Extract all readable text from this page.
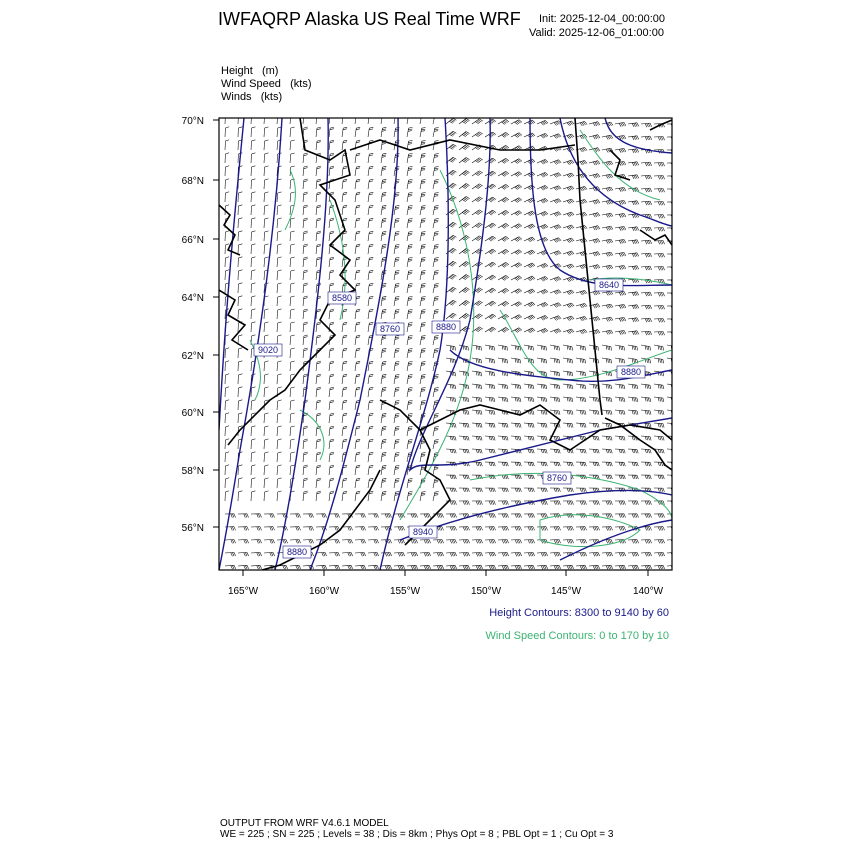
IWFAQRP Alaska US Real Time WRF Init: 2025-12-04_00:00:00
Valid: 2025-12-06_01:00:00
Height   (m)
Wind Speed   (kts)
Winds   (kts)
8580
8760	8880
9020
8640
8880
8760
8940
8880
70°N
68°N
66°N
64°N
62°N
60°N
58°N
56°N
165°W	160°W	155°W	150°W	145°W	140°W
Height Contours: 8300 to 9140 by 60
Wind Speed Contours: 0 to 170 by 10
OUTPUT FROM WRF V4.6.1 MODEL
WE = 225 ; SN = 225 ; Levels = 38 ; Dis = 8km ; Phys Opt = 8 ; PBL Opt = 1 ; Cu Opt = 3
